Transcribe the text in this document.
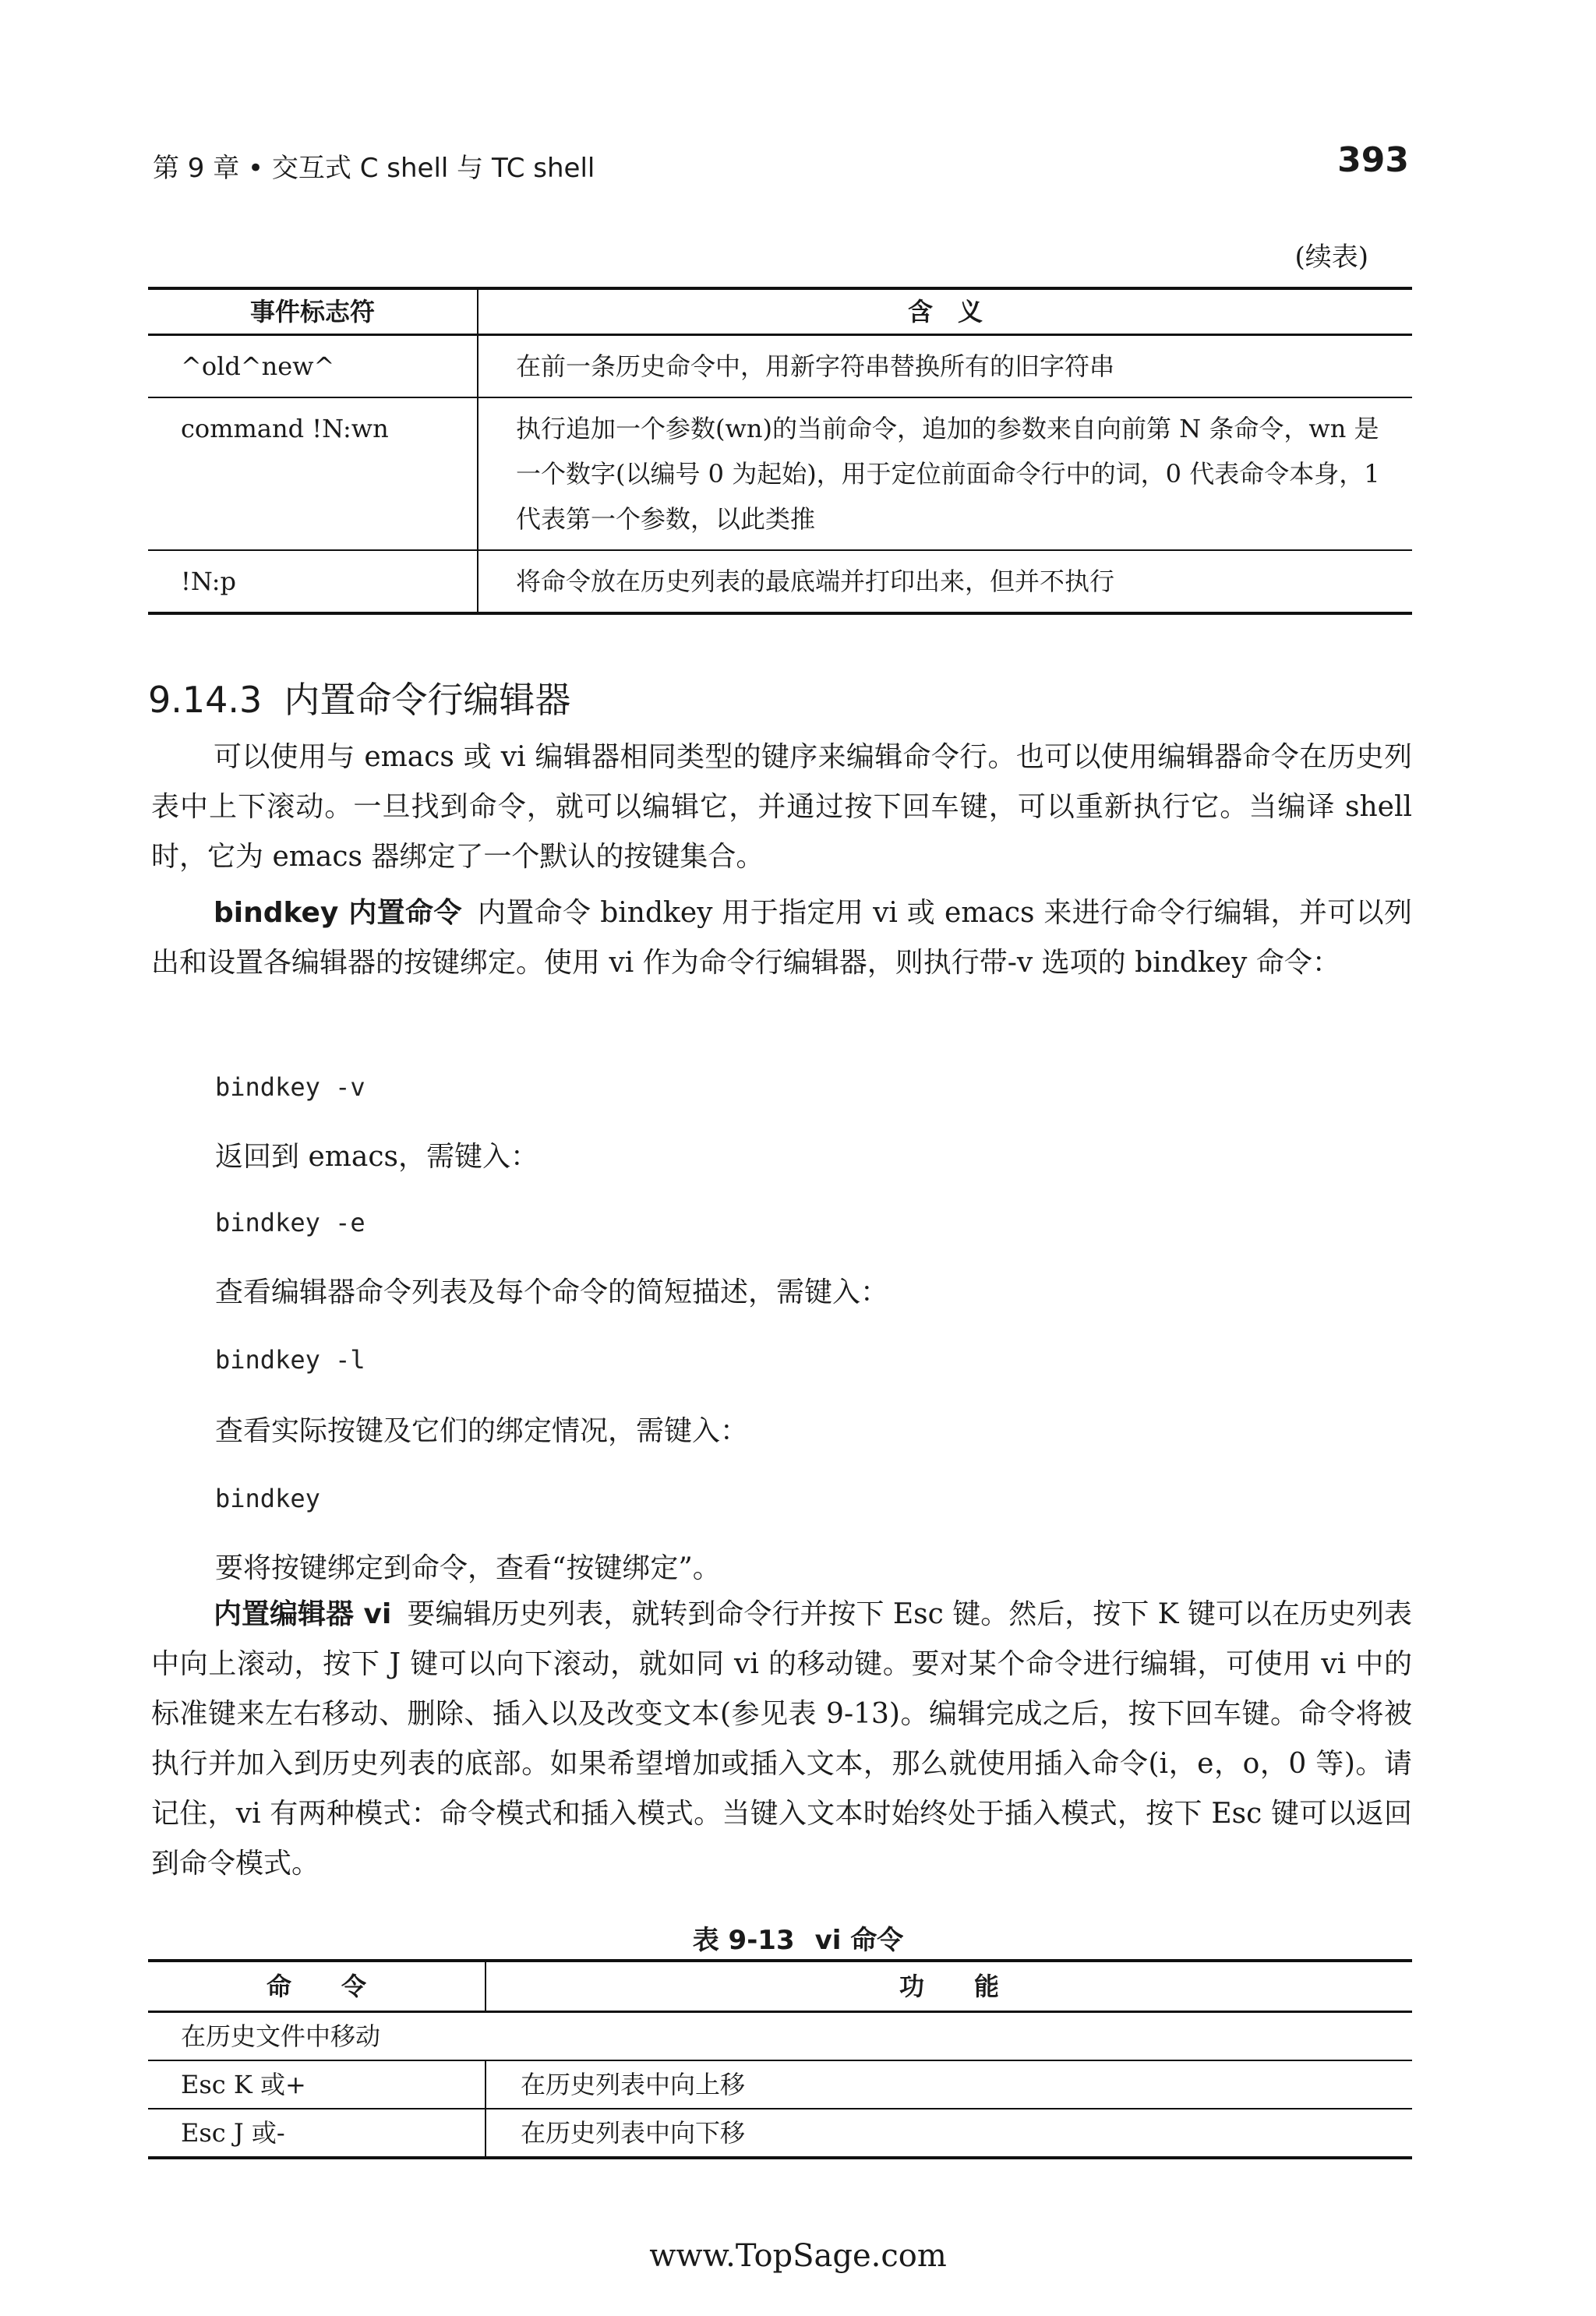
第 9 章 • 交互式 C shell 与 TC shell	393
(续表)
事件标志符	含　义
^old^new^	在前一条历史命令中，用新字符串替换所有的旧字符串
command !N:wn	执行追加一个参数(wn)的当前命令，追加的参数来自向前第 N 条命令，wn 是一个数字(以编号 0 为起始)，用于定位前面命令行中的词，0 代表命令本身，1 代表第一个参数，以此类推
!N:p	将命令放在历史列表的最底端并打印出来，但并不执行
9.14.3 内置命令行编辑器

可以使用与 emacs 或 vi 编辑器相同类型的键序来编辑命令行。也可以使用编辑器命令在历史列表中上下滚动。一旦找到命令，就可以编辑它，并通过按下回车键，可以重新执行它。当编译 shell 时，它为 emacs 器绑定了一个默认的按键集合。

bindkey 内置命令 内置命令 bindkey 用于指定用 vi 或 emacs 来进行命令行编辑，并可以列出和设置各编辑器的按键绑定。使用 vi 作为命令行编辑器，则执行带-v 选项的 bindkey 命令：

bindkey -v
返回到 emacs，需键入：
bindkey -e
查看编辑器命令列表及每个命令的简短描述，需键入：
bindkey -l
查看实际按键及它们的绑定情况，需键入：
bindkey
要将按键绑定到命令，查看“按键绑定”。

内置编辑器 vi 要编辑历史列表，就转到命令行并按下 Esc 键。然后，按下 K 键可以在历史列表中向上滚动，按下 J 键可以向下滚动，就如同 vi 的移动键。要对某个命令进行编辑，可使用 vi 中的标准键来左右移动、删除、插入以及改变文本(参见表 9-13)。编辑完成之后，按下回车键。命令将被执行并加入到历史列表的底部。如果希望增加或插入文本，那么就使用插入命令(i，e，o，0 等)。请记住，vi 有两种模式：命令模式和插入模式。当键入文本时始终处于插入模式，按下 Esc 键可以返回到命令模式。

表 9-13 vi 命令
命　　令	功　　能
在历史文件中移动	
Esc K 或+	在历史列表中向上移
Esc J 或-	在历史列表中向下移
www.TopSage.com
